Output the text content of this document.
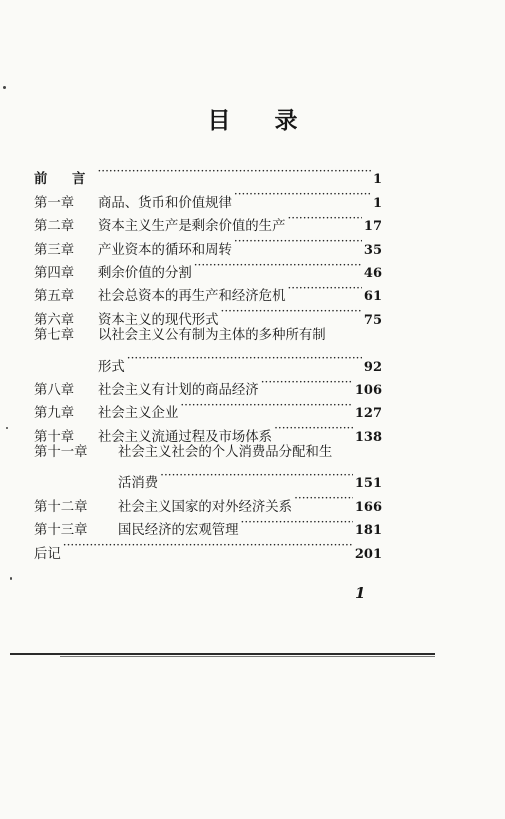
目 录
前 言 ·····	1
第一章	商品、货币和价值规律 ·····	1
第二章	资本主义生产是剩余价值的生产 ·····	17
第三章	产业资本的循环和周转 ·····	35
第四章	剩余价值的分割 ·····	46
第五章	社会总资本的再生产和经济危机 ·····	61
第六章	资本主义的现代形式 ·····	75
第七章	以社会主义公有制为主体的多种所有制
形式 ·····	92
第八章	社会主义有计划的商品经济 ·····	106
第九章	社会主义企业 ·····	127
第十章	社会主义流通过程及市场体系 ·····	138
第十一章	社会主义社会的个人消费品分配和生
活消费 ·····	151
第十二章	社会主义国家的对外经济关系 ·····	166
第十三章	国民经济的宏观管理 ·····	181
后记 ·····	201
1
